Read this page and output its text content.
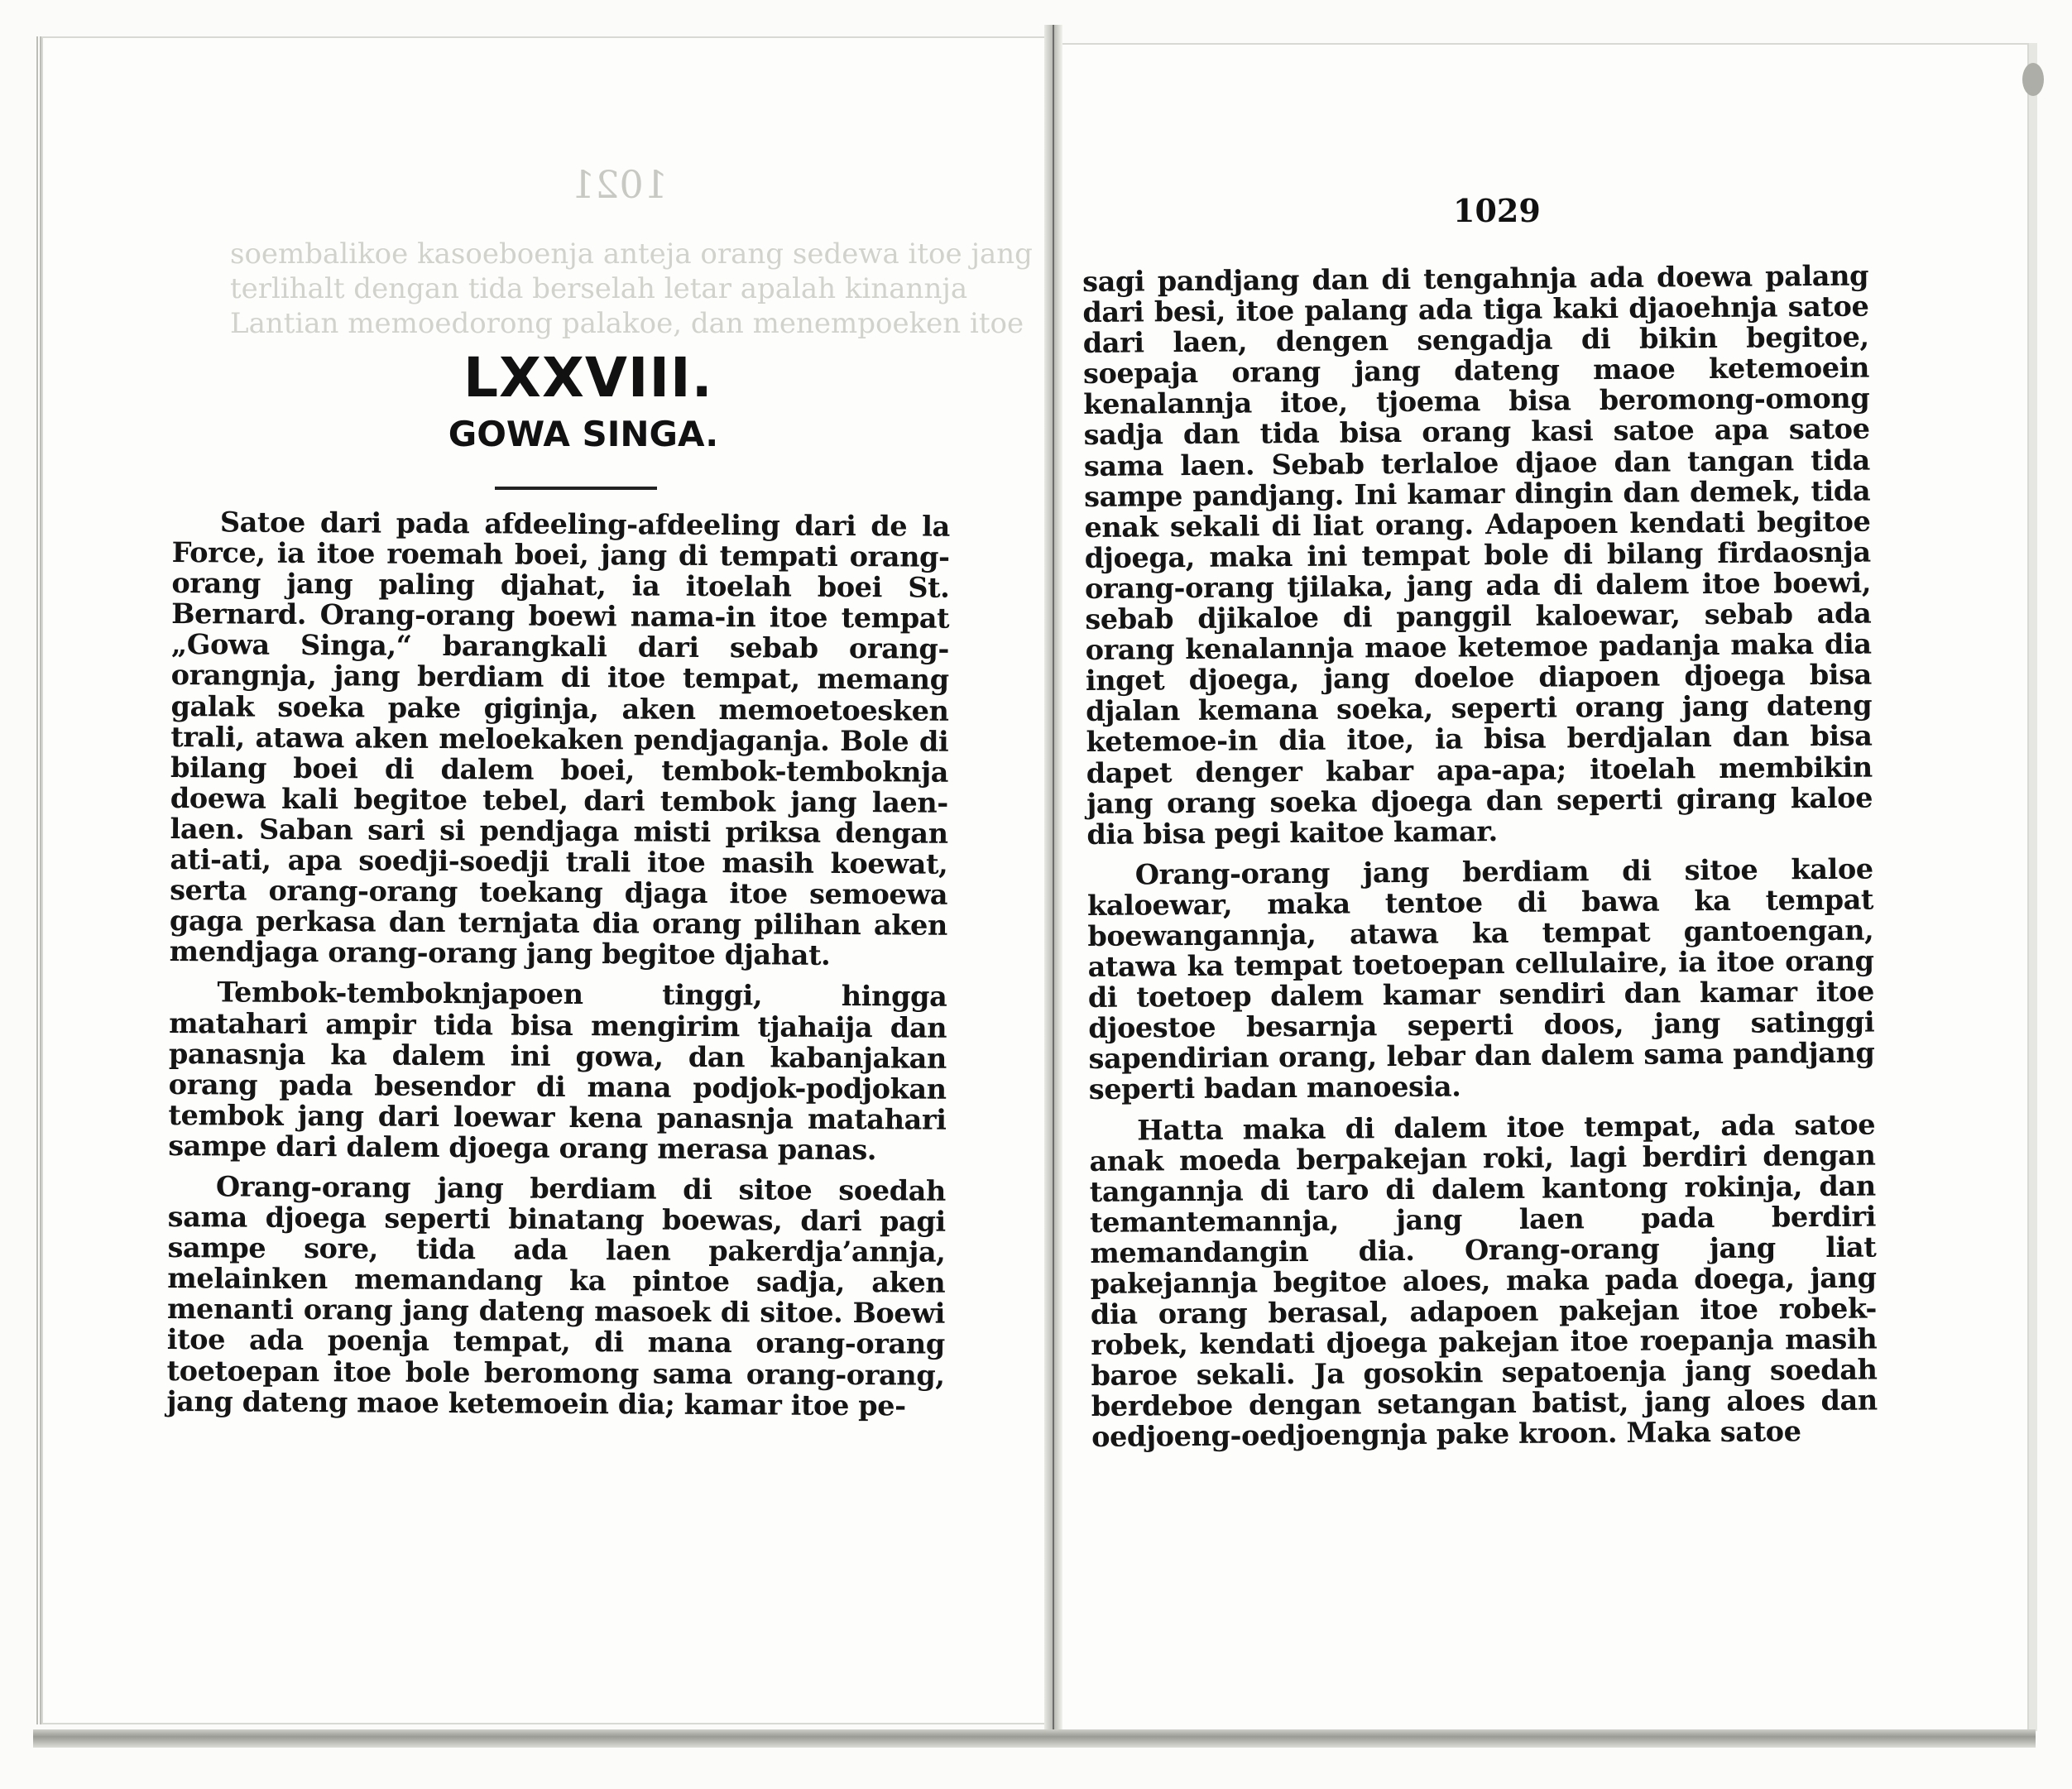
1021
soembalikoe kasoeboenja anteja orang sedewa itoe jang
terlihalt dengan tida berselah letar apalah kinannja
Lantian memoedorong palakoe, dan menempoeken itoe
LXXVIII.
GOWA SINGA.

Satoe dari pada afdeeling-afdeeling dari de la Force, ia itoe roemah boei, jang di tempati orang-orang jang paling djahat, ia itoelah boei St. Bernard. Orang-orang boewi nama-in itoe tempat „Gowa Singa,“ barangkali dari sebab orang-orangnja, jang berdiam di itoe tempat, memang galak soeka pake giginja, aken memoetoesken trali, atawa aken meloekaken pendjaganja. Bole di bilang boei di dalem boei, tembok-temboknja doewa kali begitoe tebel, dari tembok jang laen-laen. Saban sari si pendjaga misti priksa dengan ati-ati, apa soedji-soedji trali itoe masih koewat, serta orang-orang toekang djaga itoe semoewa gaga perkasa dan ternjata dia orang pilihan aken mendjaga orang-orang jang begitoe djahat.

Tembok-temboknjapoen tinggi, hingga matahari ampir tida bisa mengirim tjahaija dan panasnja ka dalem ini gowa, dan kabanjakan orang pada besendor di mana podjok-podjokan tembok jang dari loewar kena panasnja matahari sampe dari dalem djoega orang merasa panas.

Orang-orang jang berdiam di sitoe soedah sama djoega seperti binatang boewas, dari pagi sampe sore, tida ada laen pakerdja’annja, melainken memandang ka pintoe sadja, aken menanti orang jang dateng masoek di sitoe. Boewi itoe ada poenja tempat, di mana orang-orang toetoepan itoe bole beromong sama orang-orang, jang dateng maoe ketemoein dia; kamar itoe pe-

1029

sagi pandjang dan di tengahnja ada doewa palang dari besi, itoe palang ada tiga kaki djaoehnja satoe dari laen, dengen sengadja di bikin begitoe, soepaja orang jang dateng maoe ketemoein kenalannja itoe, tjoema bisa beromong-omong sadja dan tida bisa orang kasi satoe apa satoe sama laen. Sebab terlaloe djaoe dan tangan tida sampe pandjang. Ini kamar dingin dan demek, tida enak sekali di liat orang. Adapoen kendati begitoe djoega, maka ini tempat bole di bilang firdaosnja orang-orang tjilaka, jang ada di dalem itoe boewi, sebab djikaloe di panggil kaloewar, sebab ada orang kenalannja maoe ketemoe padanja maka dia inget djoega, jang doeloe diapoen djoega bisa djalan kemana soeka, seperti orang jang dateng ketemoe-in dia itoe, ia bisa berdjalan dan bisa dapet denger kabar apa-apa; itoelah membikin jang orang soeka djoega dan seperti girang kaloe dia bisa pegi kaitoe kamar.

Orang-orang jang berdiam di sitoe kaloe kaloewar, maka tentoe di bawa ka tempat boewangannja, atawa ka tempat gantoengan, atawa ka tempat toetoepan cellulaire, ia itoe orang di toetoep dalem kamar sendiri dan kamar itoe djoestoe besarnja seperti doos, jang satinggi sapendirian orang, lebar dan dalem sama pandjang seperti badan manoesia.

Hatta maka di dalem itoe tempat, ada satoe anak moeda berpakejan roki, lagi berdiri dengan tangannja di taro di dalem kantong rokinja, dan temantemannja, jang laen pada berdiri memandangin dia. Orang-orang jang liat pakejannja begitoe aloes, maka pada doega, jang dia orang berasal, adapoen pakejan itoe robek-robek, kendati djoega pakejan itoe roepanja masih baroe sekali. Ja gosokin sepatoenja jang soedah berdeboe dengan setangan batist, jang aloes dan oedjoeng-oedjoengnja pake kroon. Maka satoe
